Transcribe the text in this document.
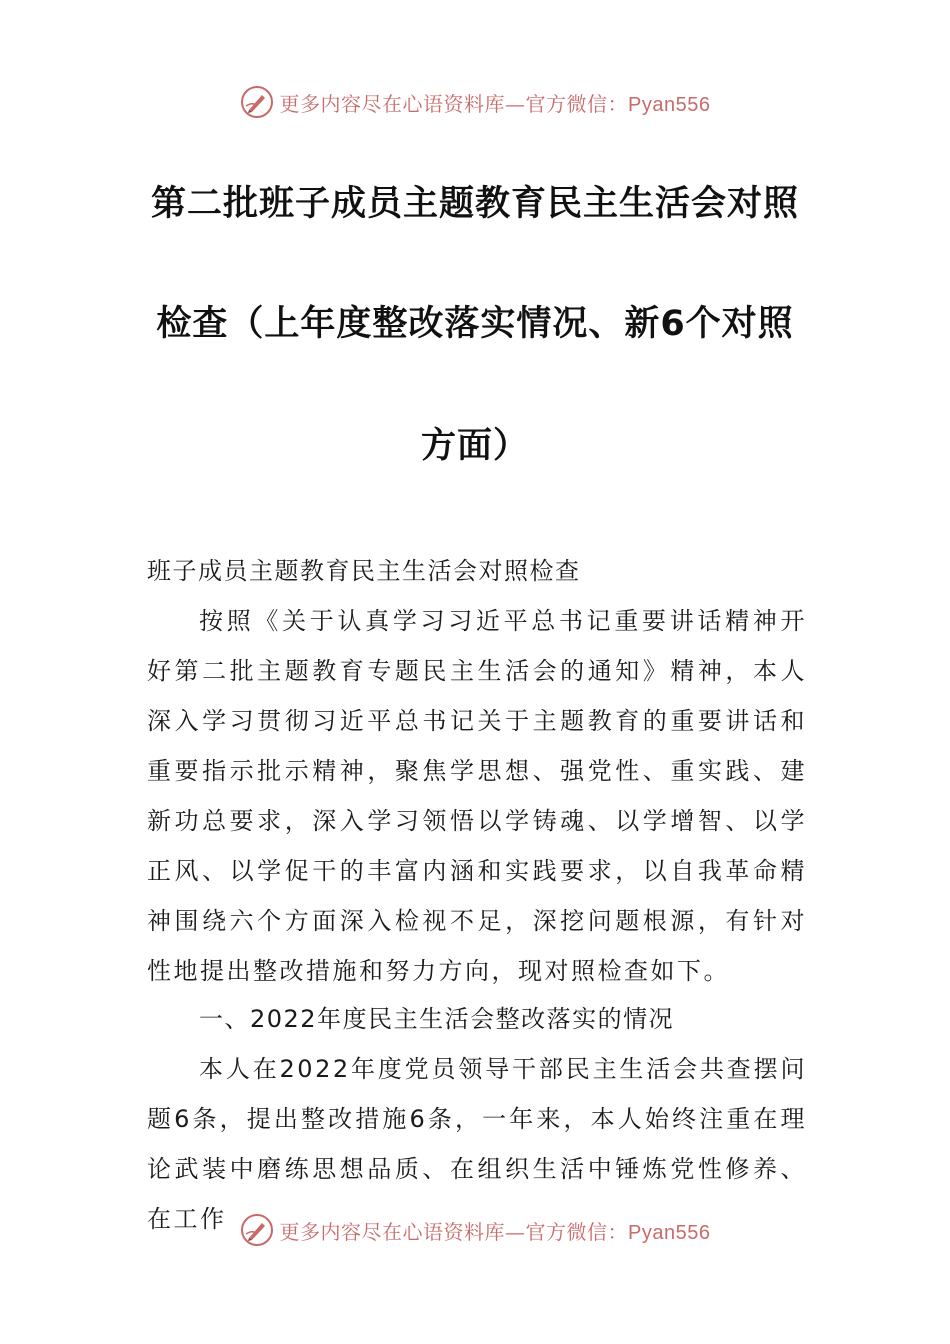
更多内容尽在心语资料库—官方微信：Pyan556
第二批班子成员主题教育民主生活会对照
检查（上年度整改落实情况、新6个对照
方面）
班子成员主题教育民主生活会对照检查

按照《关于认真学习习近平总书记重要讲话精神开好第二批主题教育专题民主生活会的通知》精神，本人深入学习贯彻习近平总书记关于主题教育的重要讲话和重要指示批示精神，聚焦学思想、强党性、重实践、建新功总要求，深入学习领悟以学铸魂、以学增智、以学正风、以学促干的丰富内涵和实践要求，以自我革命精神围绕六个方面深入检视不足，深挖问题根源，有针对性地提出整改措施和努力方向，现对照检查如下。

一、2022年度民主生活会整改落实的情况

本人在2022年度党员领导干部民主生活会共查摆问题6条，提出整改措施6条，一年来，本人始终注重在理论武装中磨练思想品质、在组织生活中锤炼党性修养、在工作	更多内容尽在心语资料库—官方微信：Pyan556
